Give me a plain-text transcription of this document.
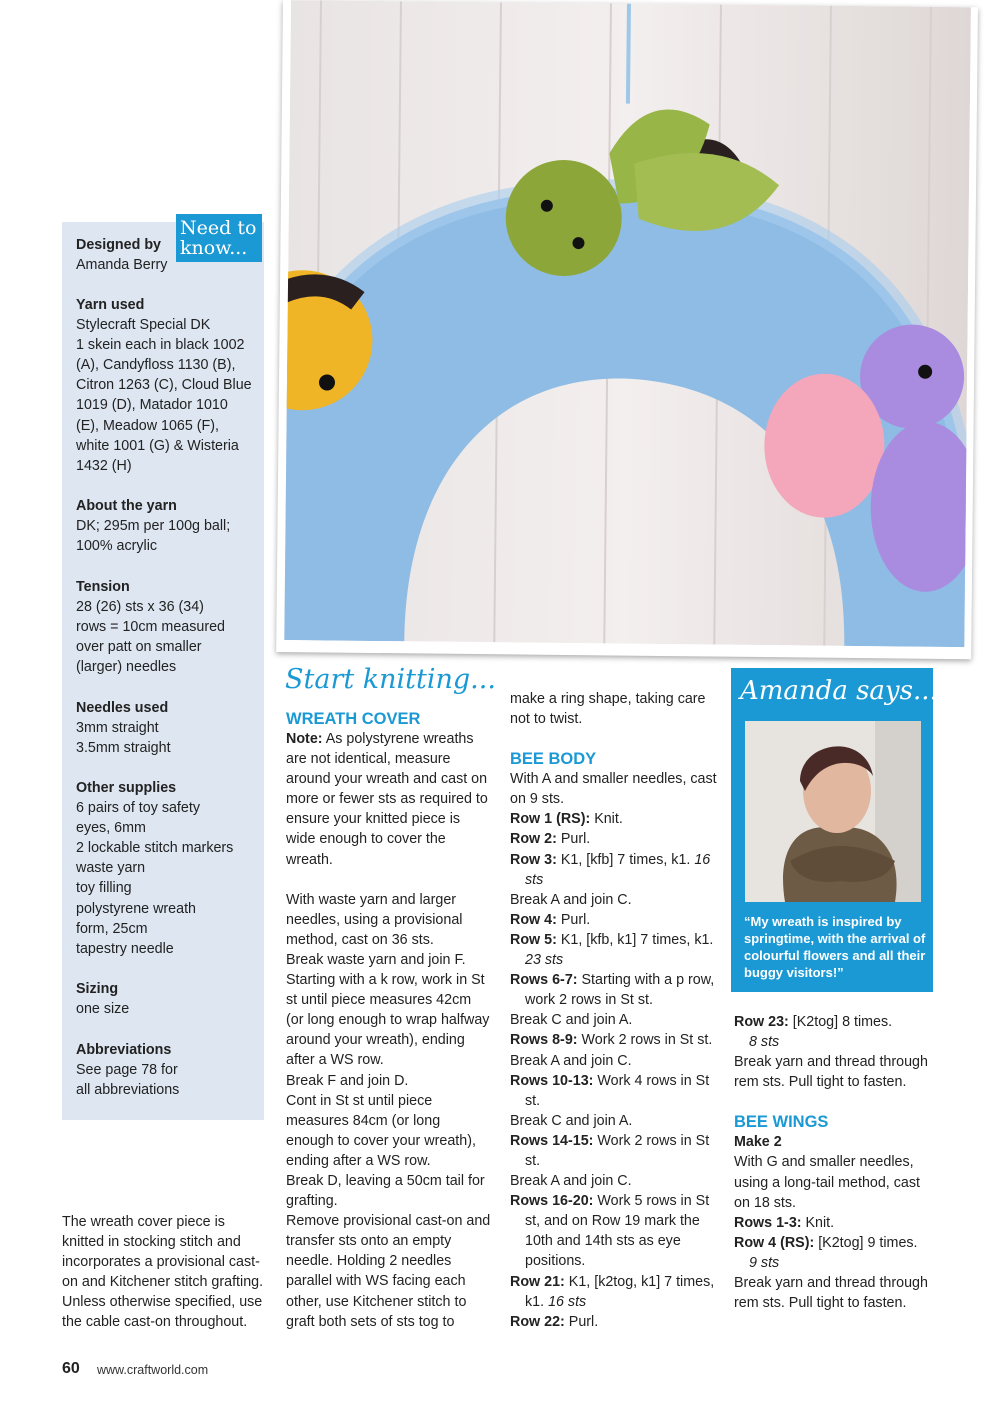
Need to
know...
Designed by

Amanda Berry

Yarn used

Stylecraft Special DK
1 skein each in black 1002
(A), Candyfloss 1130 (B),
Citron 1263 (C), Cloud Blue
1019 (D), Matador 1010
(E), Meadow 1065 (F),
white 1001 (G) & Wisteria
1432 (H)

About the yarn

DK; 295m per 100g ball;
100% acrylic

Tension

28 (26) sts x 36 (34)
rows = 10cm measured
over patt on smaller
(larger) needles

Needles used

3mm straight
3.5mm straight

Other supplies

6 pairs of toy safety
eyes, 6mm
2 lockable stitch markers
waste yarn
toy filling
polystyrene wreath
form, 25cm
tapestry needle

Sizing

one size

Abbreviations

See page 78 for
all abbreviations

The wreath cover piece is
knitted in stocking stitch and
incorporates a provisional cast-
on and Kitchener stitch grafting.
Unless otherwise specified, use
the cable cast-on throughout.
Start knitting...

WREATH COVER

Note: As polystyrene wreaths are not identical, measure around your wreath and cast on more or fewer sts as required to ensure your knitted piece is wide enough to cover the wreath.

With waste yarn and larger needles, using a provisional method, cast on 36 sts.

Break waste yarn and join F. Starting with a k row, work in St st until piece measures 42cm (or long enough to wrap halfway around your wreath), ending after a WS row.

Break F and join D.

Cont in St st until piece measures 84cm (or long enough to cover your wreath), ending after a WS row.

Break D, leaving a 50cm tail for grafting.

Remove provisional cast-on and transfer sts onto an empty needle. Holding 2 needles parallel with WS facing each other, use Kitchener stitch to graft both sets of sts tog to

make a ring shape, taking care not to twist.

BEE BODY

With A and smaller needles, cast on 9 sts.

Row 1 (RS): Knit.

Row 2: Purl.

Row 3: K1, [kfb] 7 times, k1. 16 sts

Break A and join C.

Row 4: Purl.

Row 5: K1, [kfb, k1] 7 times, k1. 23 sts

Rows 6-7: Starting with a p row, work 2 rows in St st.

Break C and join A.

Rows 8-9: Work 2 rows in St st.

Break A and join C.

Rows 10-13: Work 4 rows in St st.

Break C and join A.

Rows 14-15: Work 2 rows in St st.

Break A and join C.

Rows 16-20: Work 5 rows in St st, and on Row 19 mark the 10th and 14th sts as eye positions.

Row 21: K1, [k2tog, k1] 7 times, k1. 16 sts

Row 22: Purl.

Amanda says...
“My wreath is inspired by springtime, with the arrival of colourful flowers and all their buggy visitors!”

Row 23: [K2tog] 8 times.
8 sts

Break yarn and thread through rem sts. Pull tight to fasten.

BEE WINGS

Make 2

With G and smaller needles, using a long-tail method, cast on 18 sts.

Rows 1-3: Knit.

Row 4 (RS): [K2tog] 9 times.
9 sts

Break yarn and thread through rem sts. Pull tight to fasten.

60 www.craftworld.com
